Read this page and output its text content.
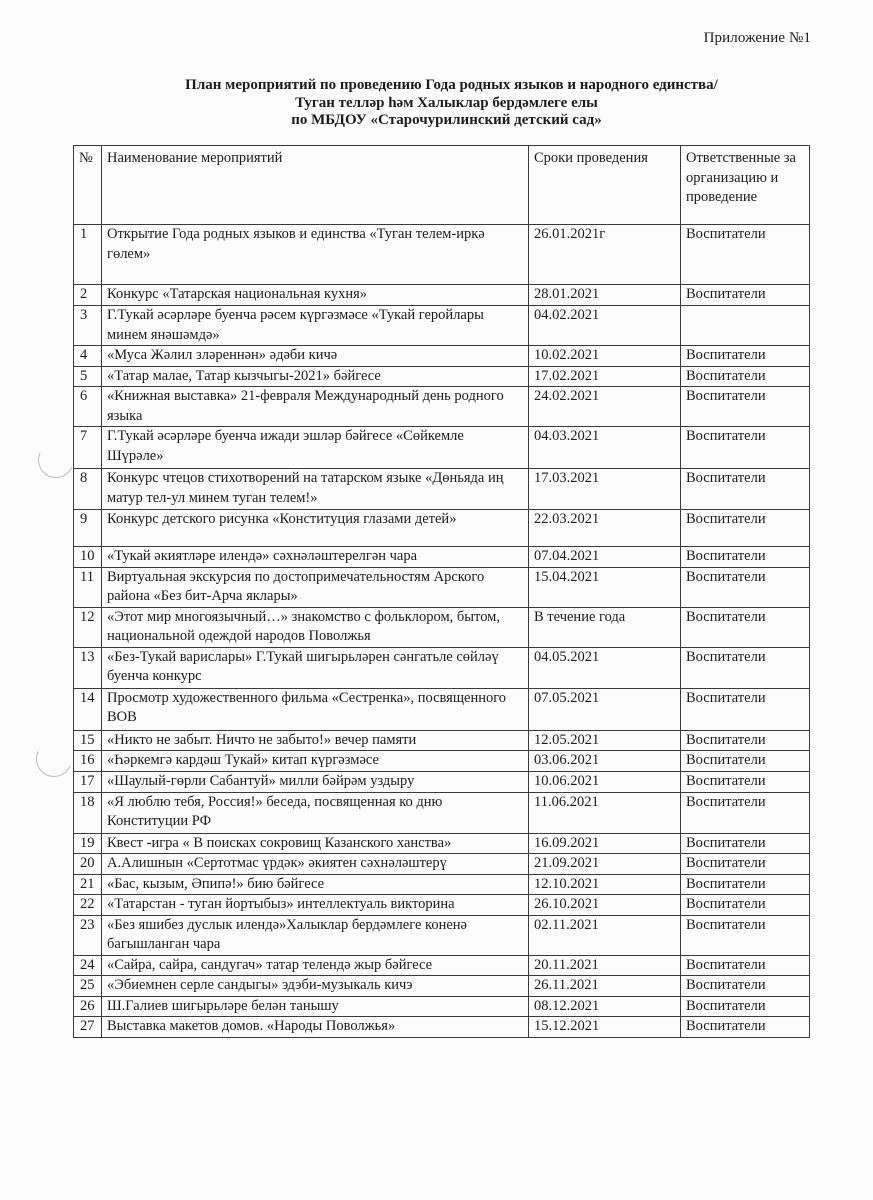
Приложение №1
План мероприятий по проведению Года родных языков и народного единства/
Туган телләр һәм Халыклар бердәмлеге елы
по МБДОУ «Старочурилинский детский сад»
№	Наименование мероприятий	Сроки проведения	Ответственные за организацию и проведение
1	Открытие Года родных языков и единства «Туган телем-иркә гөлем»	26.01.2021г	Воспитатели
2	Конкурс «Татарская национальная кухня»	28.01.2021	Воспитатели
3	Г.Тукай әсәрләре буенча рәсем күргәзмәсе «Тукай геройлары минем янәшәмдә»	04.02.2021	
4	«Муса Жәлил зләреннән» әдәби кичә	10.02.2021	Воспитатели
5	«Татар малае, Татар кызчыгы-2021» бәйгесе	17.02.2021	Воспитатели
6	«Книжная выставка» 21-февраля Международный день родного языка	24.02.2021	Воспитатели
7	Г.Тукай әсәрләре буенча ижади эшләр бәйгесе «Сөйкемле Шүрәле»	04.03.2021	Воспитатели
8	Конкурс чтецов стихотворений на татарском языке «Дөньяда иң матур тел-ул минем туган телем!»	17.03.2021	Воспитатели
9	Конкурс детского рисунка «Конституция глазами детей»	22.03.2021	Воспитатели
10	«Тукай әкиятләре илендә» сәхнәләштерелгән чара	07.04.2021	Воспитатели
11	Виртуальная экскурсия по достопримечательностям Арского района «Без бит-Арча яклары»	15.04.2021	Воспитатели
12	«Этот мир многоязычный…» знакомство с фольклором, бытом, национальной одеждой народов Поволжья	В течение года	Воспитатели
13	«Без-Тукай варислары» Г.Тукай шигырьләрен сәнгатьле сөйләү буенча конкурс	04.05.2021	Воспитатели
14	Просмотр художественного фильма «Сестренка», посвященного ВОВ	07.05.2021	Воспитатели
15	«Никто не забыт. Ничто не забыто!» вечер памяти	12.05.2021	Воспитатели
16	«Һәркемгә кардәш Тукай» китап күргәзмәсе	03.06.2021	Воспитатели
17	«Шаулый-гөрли Сабантуй» милли бәйрәм уздыру	10.06.2021	Воспитатели
18	«Я люблю тебя, Россия!» беседа, посвященная ко дню Конституции РФ	11.06.2021	Воспитатели
19	Квест -игра « В поисках сокровищ Казанского ханства»	16.09.2021	Воспитатели
20	А.Алишнын «Сертотмас үрдәк» әкиятен сәхнәләштерү	21.09.2021	Воспитатели
21	«Бас, кызым, Әпипә!» бию бәйгесе	12.10.2021	Воспитатели
22	«Татарстан - туган йортыбыз» интеллектуаль викторина	26.10.2021	Воспитатели
23	«Без яшибез дуслык илендә»Халыклар бердәмлеге коненә багышланган чара	02.11.2021	Воспитатели
24	«Сайра, сайра, сандугач» татар телендә жыр бәйгесе	20.11.2021	Воспитатели
25	«Эбиемнен серле сандыгы» эдэби-музыкаль кичэ	26.11.2021	Воспитатели
26	Ш.Галиев шигырьләре белән танышу	08.12.2021	Воспитатели
27	Выставка макетов домов. «Народы Поволжья»	15.12.2021	Воспитатели
